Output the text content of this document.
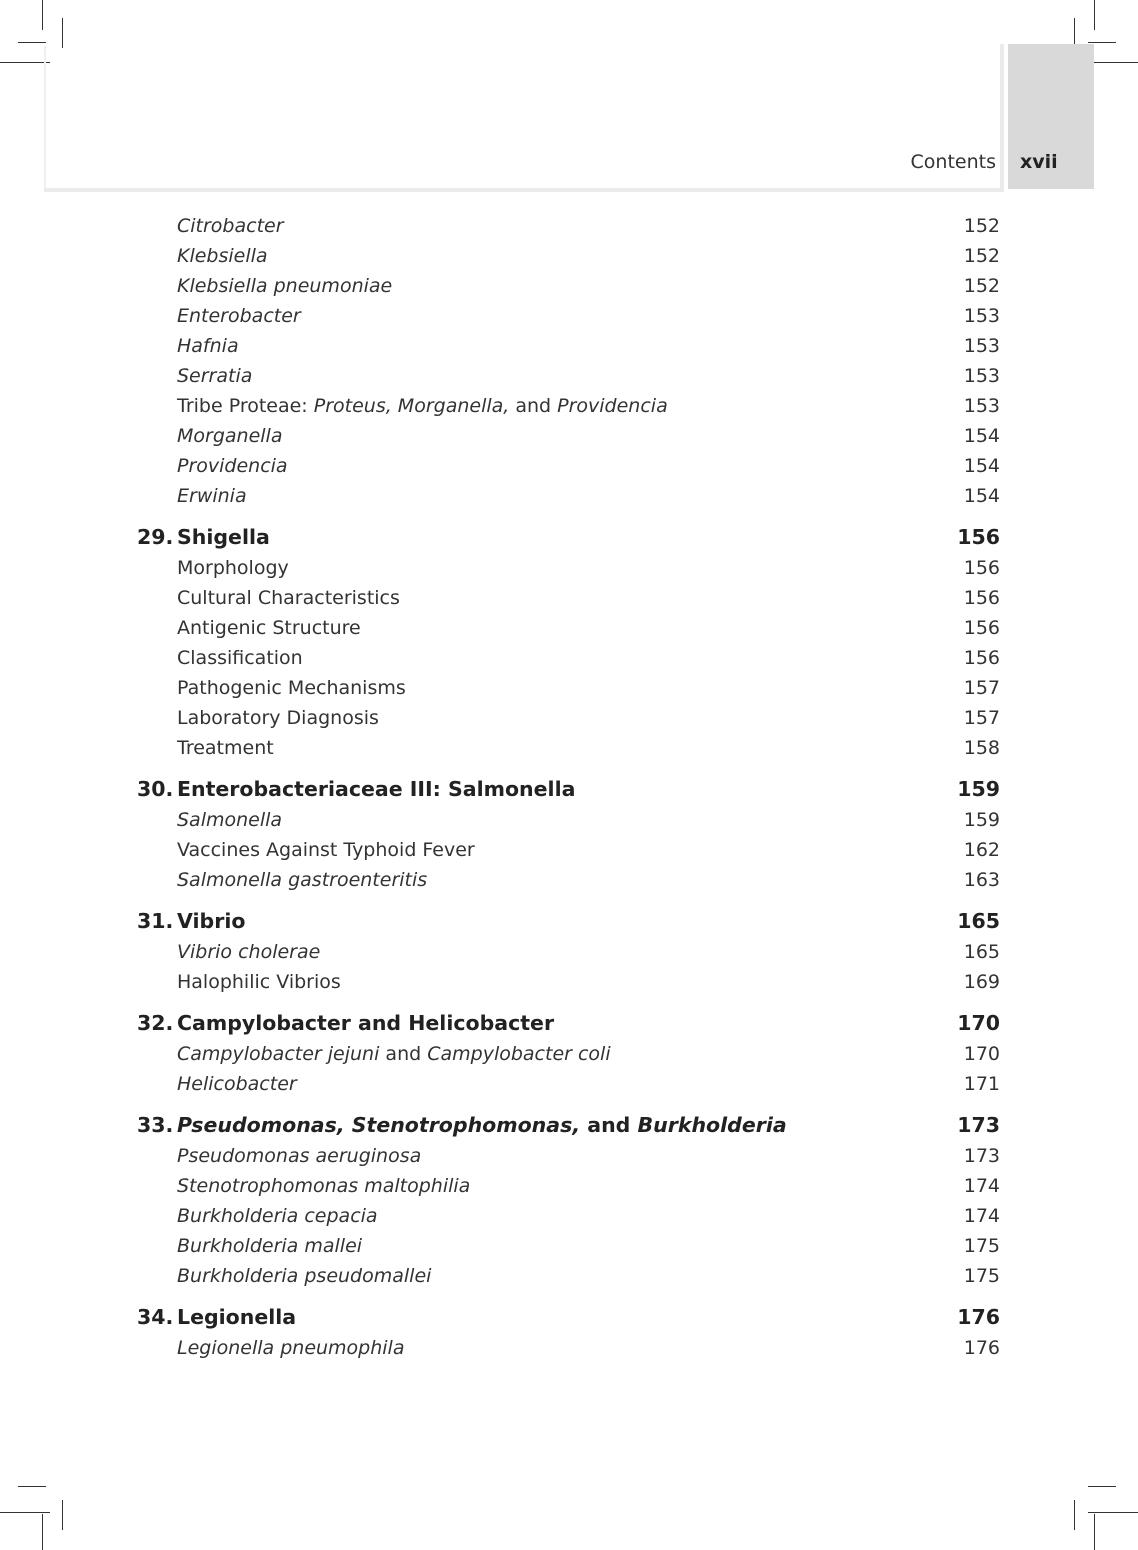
Contents xvii
Citrobacter	152
Klebsiella	152
Klebsiella pneumoniae	152
Enterobacter	153
Hafnia	153
Serratia	153
Tribe Proteae: Proteus, Morganella, and Providencia	153
Morganella	154
Providencia	154
Erwinia	154
29. Shigella	156
Morphology	156
Cultural Characteristics	156
Antigenic Structure	156
Classification	156
Pathogenic Mechanisms	157
Laboratory Diagnosis	157
Treatment	158
30. Enterobacteriaceae III: Salmonella	159
Salmonella	159
Vaccines Against Typhoid Fever	162
Salmonella gastroenteritis	163
31. Vibrio	165
Vibrio cholerae	165
Halophilic Vibrios	169
32. Campylobacter and Helicobacter	170
Campylobacter jejuni and Campylobacter coli	170
Helicobacter	171
33. Pseudomonas, Stenotrophomonas, and Burkholderia	173
Pseudomonas aeruginosa	173
Stenotrophomonas maltophilia	174
Burkholderia cepacia	174
Burkholderia mallei	175
Burkholderia pseudomallei	175
34. Legionella	176
Legionella pneumophila	176
